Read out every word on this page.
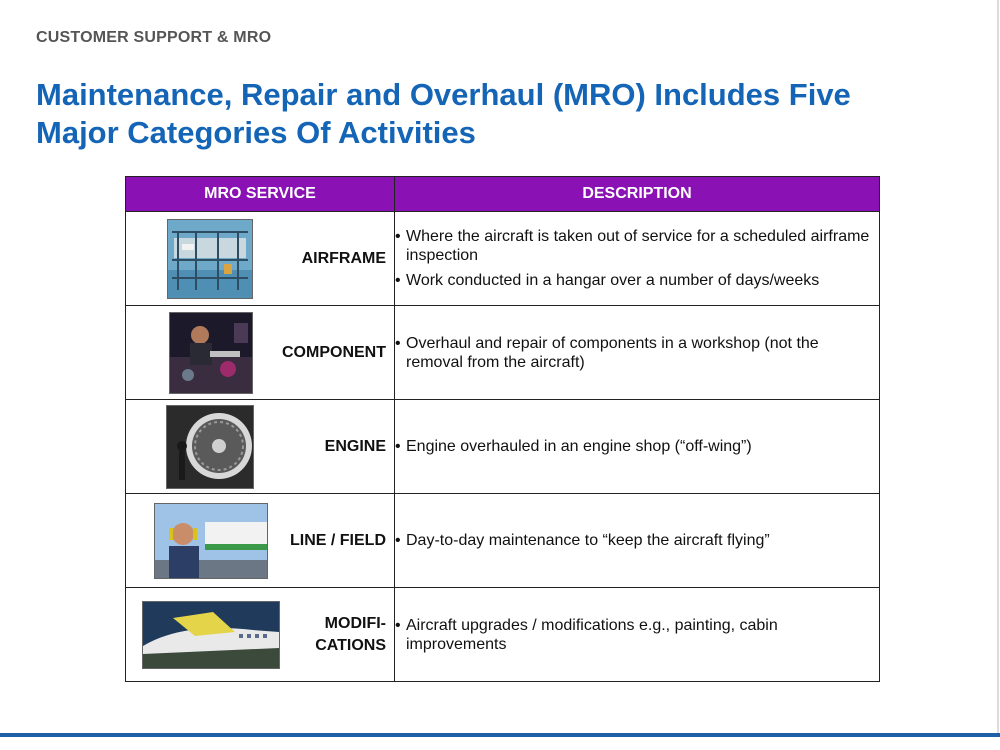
CUSTOMER SUPPORT & MRO
Maintenance, Repair and Overhaul (MRO) Includes Five
Major Categories Of Activities
MRO SERVICE	DESCRIPTION

AIRFRAME	• Where the aircraft is taken out of service for a scheduled airframe inspection
• Work conducted in a hangar over a number of days/weeks

COMPONENT	• Overhaul and repair of components in a workshop (not the removal from the aircraft)

ENGINE	• Engine overhauled in an engine shop (“off-wing”)

LINE / FIELD	• Day-to-day maintenance to “keep the aircraft flying”

MODIFI-
CATIONS	• Aircraft upgrades / modifications e.g., painting, cabin improvements
